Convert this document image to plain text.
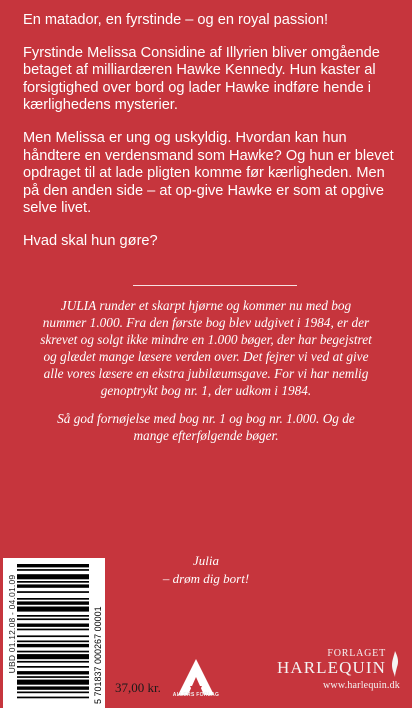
En matador, en fyrstinde – og en royal passion!

Fyrstinde Melissa Considine af Illyrien bliver omgående betaget af milliardæren Hawke Kennedy. Hun kaster al forsigtighed over bord og lader Hawke indføre hende i kærlighedens mysterier.

Men Melissa er ung og uskyldig. Hvordan kan hun håndtere en verdensmand som Hawke? Og hun er blevet opdraget til at lade pligten komme før kærligheden. Men på den anden side – at op-give Hawke er som at opgive selve livet.

Hvad skal hun gøre?

JULIA runder et skarpt hjørne og kommer nu med bog nummer 1.000. Fra den første bog blev udgivet i 1984, er der skrevet og solgt ikke mindre en 1.000 bøger, der har begejstret og glædet mange læsere verden over. Det fejrer vi ved at give alle vores læsere en ekstra jubilæumsgave. For vi har nemlig genoptrykt bog nr. 1, der udkom i 1984.

Så god fornøjelse med bog nr. 1 og bog nr. 1.000. Og de mange efterfølgende bøger.

Julia
– drøm dig bort!
5 701837 000267 00001
UBD 01.12.08 - 04.01.09
37,00 kr.	ALLERS FORLAG
FORLAGET
HARLEQUIN
www.harlequin.dk
